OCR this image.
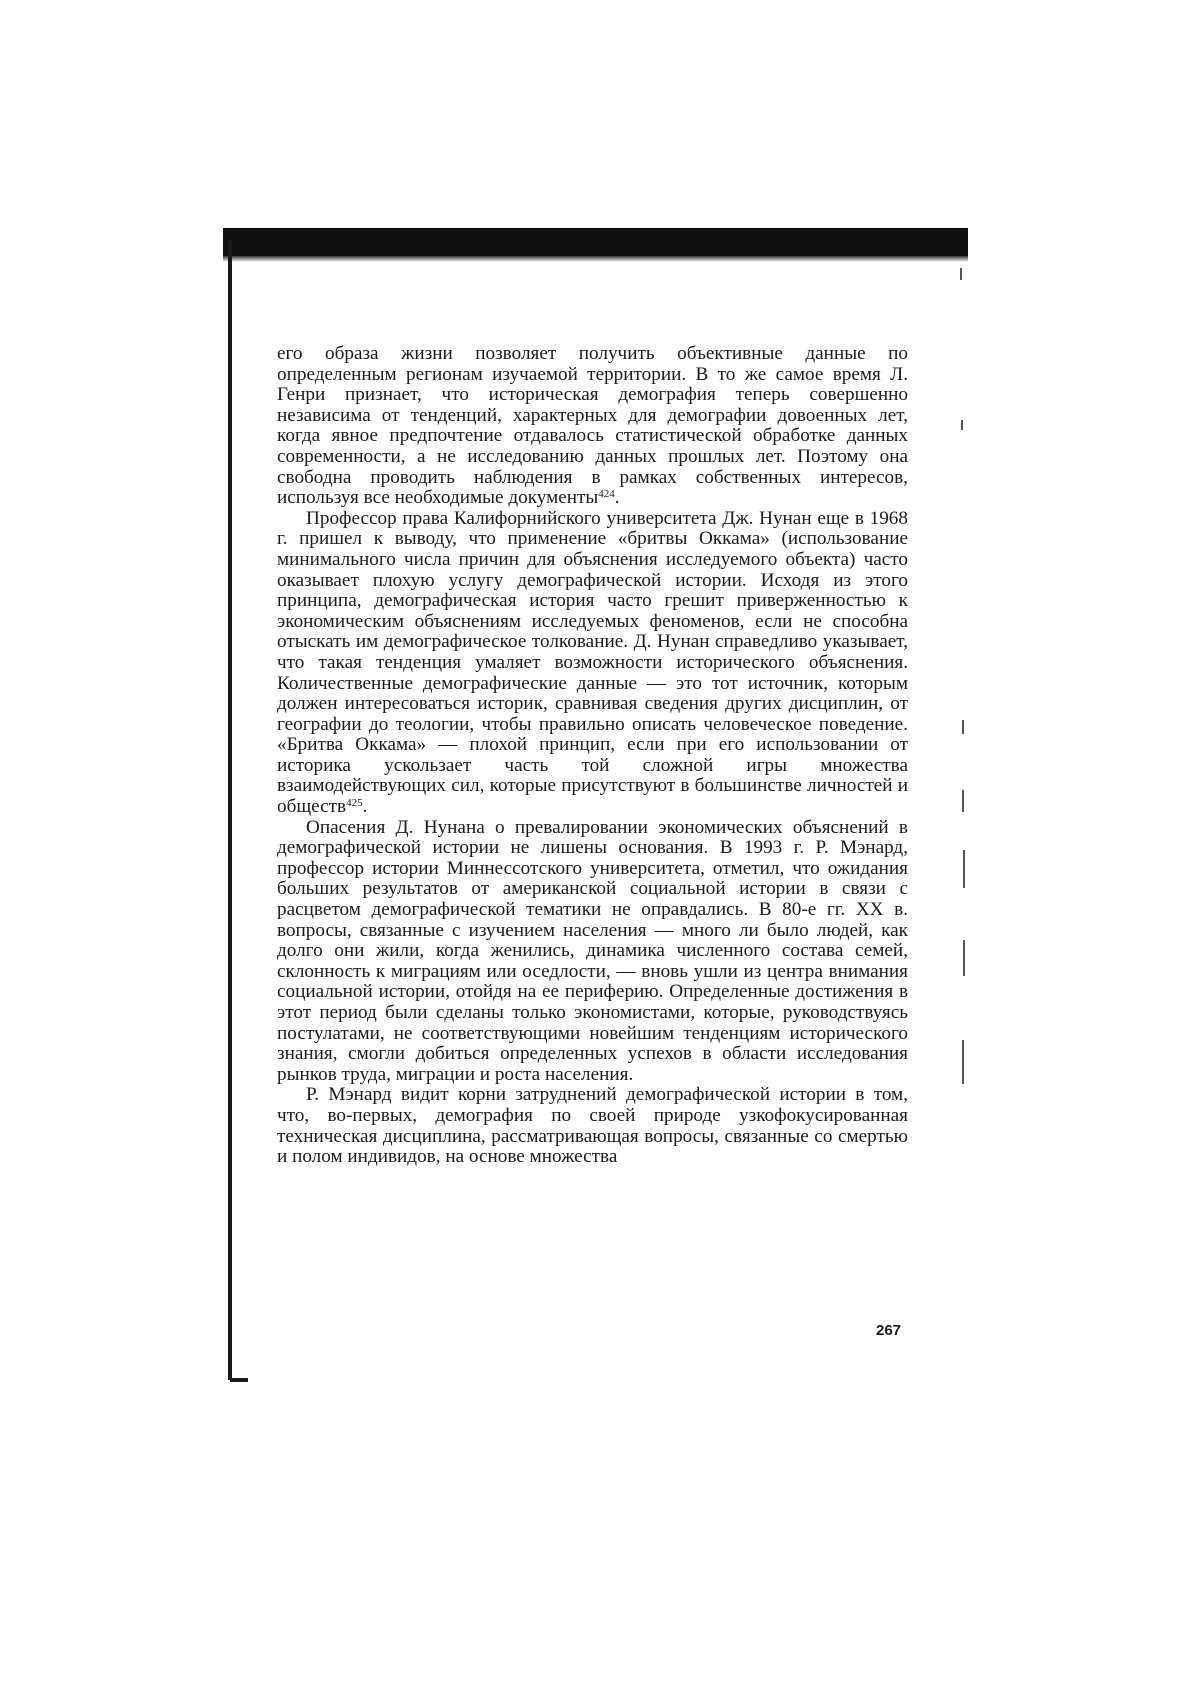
его образа жизни позволяет получить объективные данные по определенным регионам изучаемой территории. В то же самое время Л. Генри признает, что историческая демография теперь совершенно независима от тенденций, характерных для демографии довоенных лет, когда явное предпочтение отдавалось статистической обработке данных современности, а не исследованию данных прошлых лет. Поэтому она свободна проводить наблюдения в рамках собственных интересов, используя все необходимые документы$^{424}$.

Профессор права Калифорнийского университета Дж. Нунан еще в 1968 г. пришел к выводу, что применение «бритвы Оккама» (использование минимального числа причин для объяснения исследуемого объекта) часто оказывает плохую услугу демографической истории. Исходя из этого принципа, демографическая история часто грешит приверженностью к экономическим объяснениям исследуемых феноменов, если не способна отыскать им демографическое толкование. Д. Нунан справедливо указывает, что такая тенденция умаляет возможности исторического объяснения. Количественные демографические данные — это тот источник, которым должен интересоваться историк, сравнивая сведения других дисциплин, от географии до теологии, чтобы правильно описать человеческое поведение. «Бритва Оккама» — плохой принцип, если при его использовании от историка ускользает часть той сложной игры множества взаимодействующих сил, которые присутствуют в большинстве личностей и обществ$^{425}$.

Опасения Д. Нунана о превалировании экономических объяснений в демографической истории не лишены основания. В 1993 г. Р. Мэнард, профессор истории Миннессотского университета, отметил, что ожидания больших результатов от американской социальной истории в связи с расцветом демографической тематики не оправдались. В 80-е гг. XX в. вопросы, связанные с изучением населения — много ли было людей, как долго они жили, когда женились, динамика численного состава семей, склонность к миграциям или оседлости, — вновь ушли из центра внимания социальной истории, отойдя на ее периферию. Определенные достижения в этот период были сделаны только экономистами, которые, руководствуясь постулатами, не соответствующими новейшим тенденциям исторического знания, смогли добиться определенных успехов в области исследования рынков труда, миграции и роста населения.

Р. Мэнард видит корни затруднений демографической истории в том, что, во-первых, демография по своей природе узкофокусированная техническая дисциплина, рассматривающая вопросы, связанные со смертью и полом индивидов, на основе множества

267
